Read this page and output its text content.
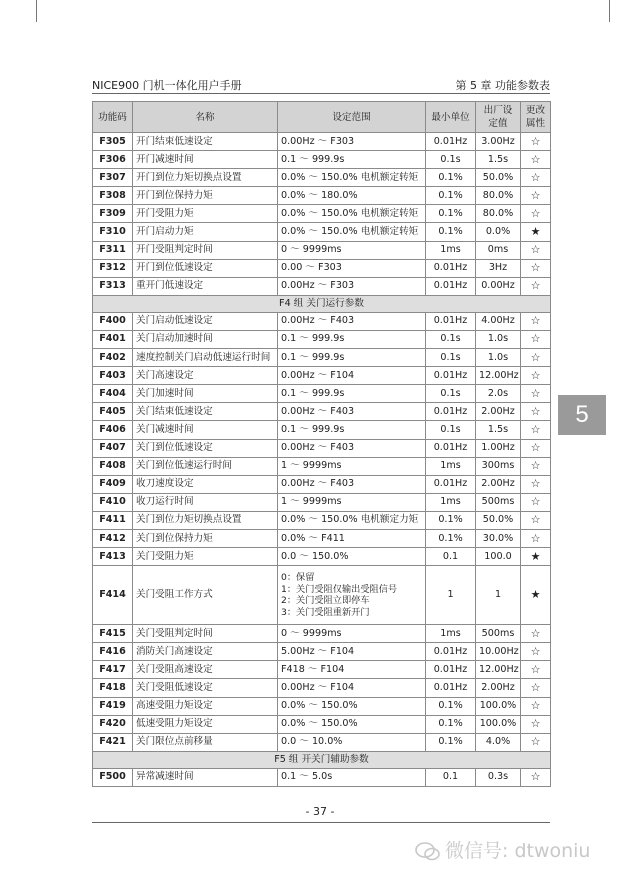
NICE900 门机一体化用户手册	第 5 章 功能参数表
功能码	名称	设定范围	最小单位	出厂设定值	更改属性
F305	开门结束低速设定	0.00Hz ～ F303	0.01Hz	3.00Hz	☆
F306	开门减速时间	0.1 ～ 999.9s	0.1s	1.5s	☆
F307	开门到位力矩切换点设置	0.0% ～ 150.0% 电机额定转矩	0.1%	50.0%	☆
F308	开门到位保持力矩	0.0% ～ 180.0%	0.1%	80.0%	☆
F309	开门受阻力矩	0.0% ～ 150.0% 电机额定转矩	0.1%	80.0%	☆
F310	开门启动力矩	0.0% ～ 150.0% 电机额定转矩	0.1%	0.0%	★
F311	开门受阻判定时间	0 ～ 9999ms	1ms	0ms	☆
F312	开门到位低速设定	0.00 ～ F303	0.01Hz	3Hz	☆
F313	重开门低速设定	0.00Hz ～ F303	0.01Hz	0.00Hz	☆
F4 组 关门运行参数					
F400	关门启动低速设定	0.00Hz ～ F403	0.01Hz	4.00Hz	☆
F401	关门启动加速时间	0.1 ～ 999.9s	0.1s	1.0s	☆
F402	速度控制关门启动低速运行时间	0.1 ～ 999.9s	0.1s	1.0s	☆
F403	关门高速设定	0.00Hz ～ F104	0.01Hz	12.00Hz	☆
F404	关门加速时间	0.1 ～ 999.9s	0.1s	2.0s	☆
F405	关门结束低速设定	0.00Hz ～ F403	0.01Hz	2.00Hz	☆
F406	关门减速时间	0.1 ～ 999.9s	0.1s	1.5s	☆
F407	关门到位低速设定	0.00Hz ～ F403	0.01Hz	1.00Hz	☆
F408	关门到位低速运行时间	1 ～ 9999ms	1ms	300ms	☆
F409	收刀速度设定	0.00Hz ～ F403	0.01Hz	2.00Hz	☆
F410	收刀运行时间	1 ～ 9999ms	1ms	500ms	☆
F411	关门到位力矩切换点设置	0.0% ～ 150.0% 电机额定力矩	0.1%	50.0%	☆
F412	关门到位保持力矩	0.0% ～ F411	0.1%	30.0%	☆
F413	关门受阻力矩	0.0 ～ 150.0%	0.1	100.0	★
F414	关门受阻工作方式	0：保留
1：关门受阻仅输出受阻信号
2：关门受阻立即停车
3：关门受阻重新开门	1	1	★
F415	关门受阻判定时间	0 ～ 9999ms	1ms	500ms	☆
F416	消防关门高速设定	5.00Hz ～ F104	0.01Hz	10.00Hz	☆
F417	关门受阻高速设定	F418 ～ F104	0.01Hz	12.00Hz	☆
F418	关门受阻低速设定	0.00Hz ～ F104	0.01Hz	2.00Hz	☆
F419	高速受阻力矩设定	0.0% ～ 150.0%	0.1%	100.0%	☆
F420	低速受阻力矩设定	0.0% ～ 150.0%	0.1%	100.0%	☆
F421	关门限位点前移量	0.0 ～ 10.0%	0.1%	4.0%	☆
F5 组 开关门辅助参数					
F500	异常减速时间	0.1 ～ 5.0s	0.1	0.3s	☆
5
- 37 -
微信号: dtwoniu
